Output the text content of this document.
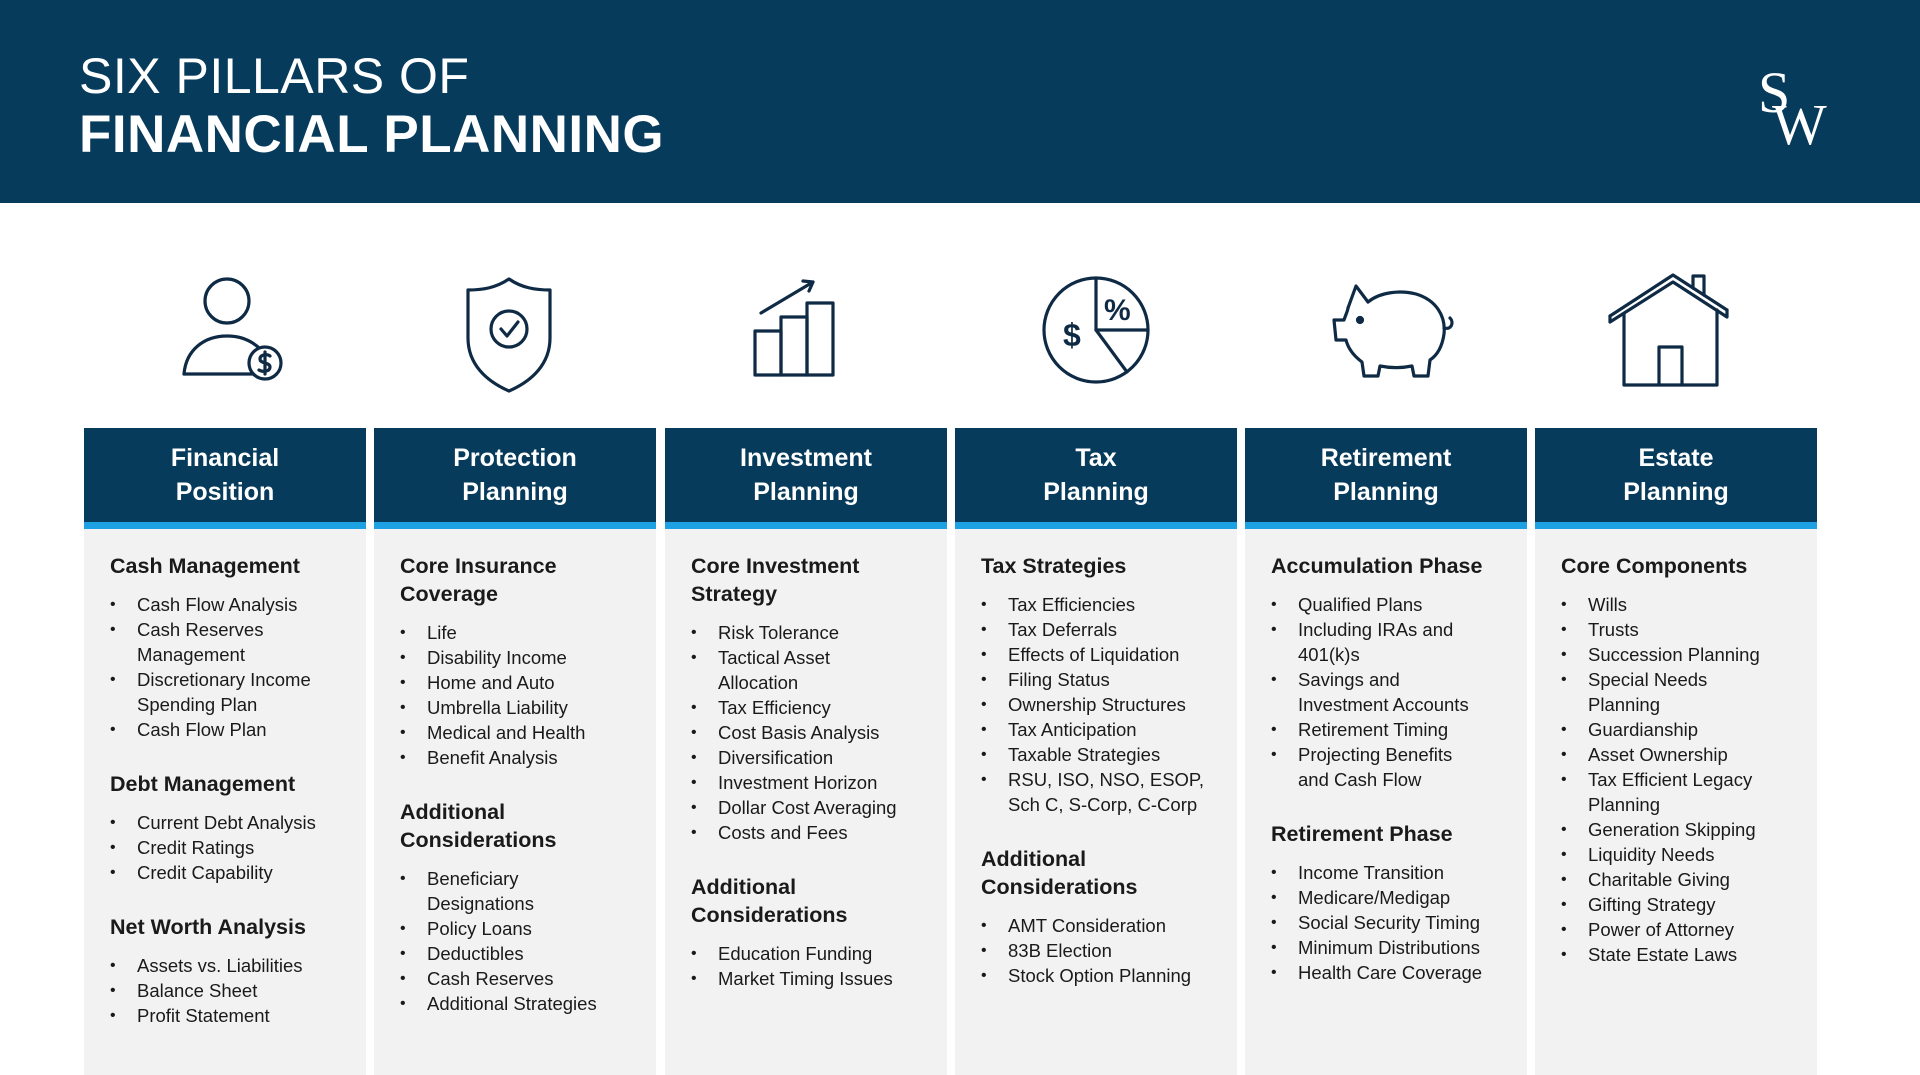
SIX PILLARS OF
FINANCIAL PLANNING
S
W
$
%
Financial
Position
Cash Management
• Cash Flow Analysis
• Cash Reserves
Management
• Discretionary Income
Spending Plan
• Cash Flow Plan
Debt Management
• Current Debt Analysis
• Credit Ratings
• Credit Capability
Net Worth Analysis
• Assets vs. Liabilities
• Balance Sheet
• Profit Statement
Protection
Planning
Core Insurance
Coverage
• Life
• Disability Income
• Home and Auto
• Umbrella Liability
• Medical and Health
• Benefit Analysis
Additional
Considerations
• Beneficiary
Designations
• Policy Loans
• Deductibles
• Cash Reserves
• Additional Strategies
Investment
Planning
Core Investment
Strategy
• Risk Tolerance
• Tactical Asset
Allocation
• Tax Efficiency
• Cost Basis Analysis
• Diversification
• Investment Horizon
• Dollar Cost Averaging
• Costs and Fees
Additional
Considerations
• Education Funding
• Market Timing Issues
Tax
Planning
Tax Strategies
• Tax Efficiencies
• Tax Deferrals
• Effects of Liquidation
• Filing Status
• Ownership Structures
• Tax Anticipation
• Taxable Strategies
• RSU, ISO, NSO, ESOP,
Sch C, S-Corp, C-Corp
Additional
Considerations
• AMT Consideration
• 83B Election
• Stock Option Planning
Retirement
Planning
Accumulation Phase
• Qualified Plans
• Including IRAs and
401(k)s
• Savings and
Investment Accounts
• Retirement Timing
• Projecting Benefits
and Cash Flow
Retirement Phase
• Income Transition
• Medicare/Medigap
• Social Security Timing
• Minimum Distributions
• Health Care Coverage
Estate
Planning
Core Components
• Wills
• Trusts
• Succession Planning
• Special Needs
Planning
• Guardianship
• Asset Ownership
• Tax Efficient Legacy
Planning
• Generation Skipping
• Liquidity Needs
• Charitable Giving
• Gifting Strategy
• Power of Attorney
• State Estate Laws
